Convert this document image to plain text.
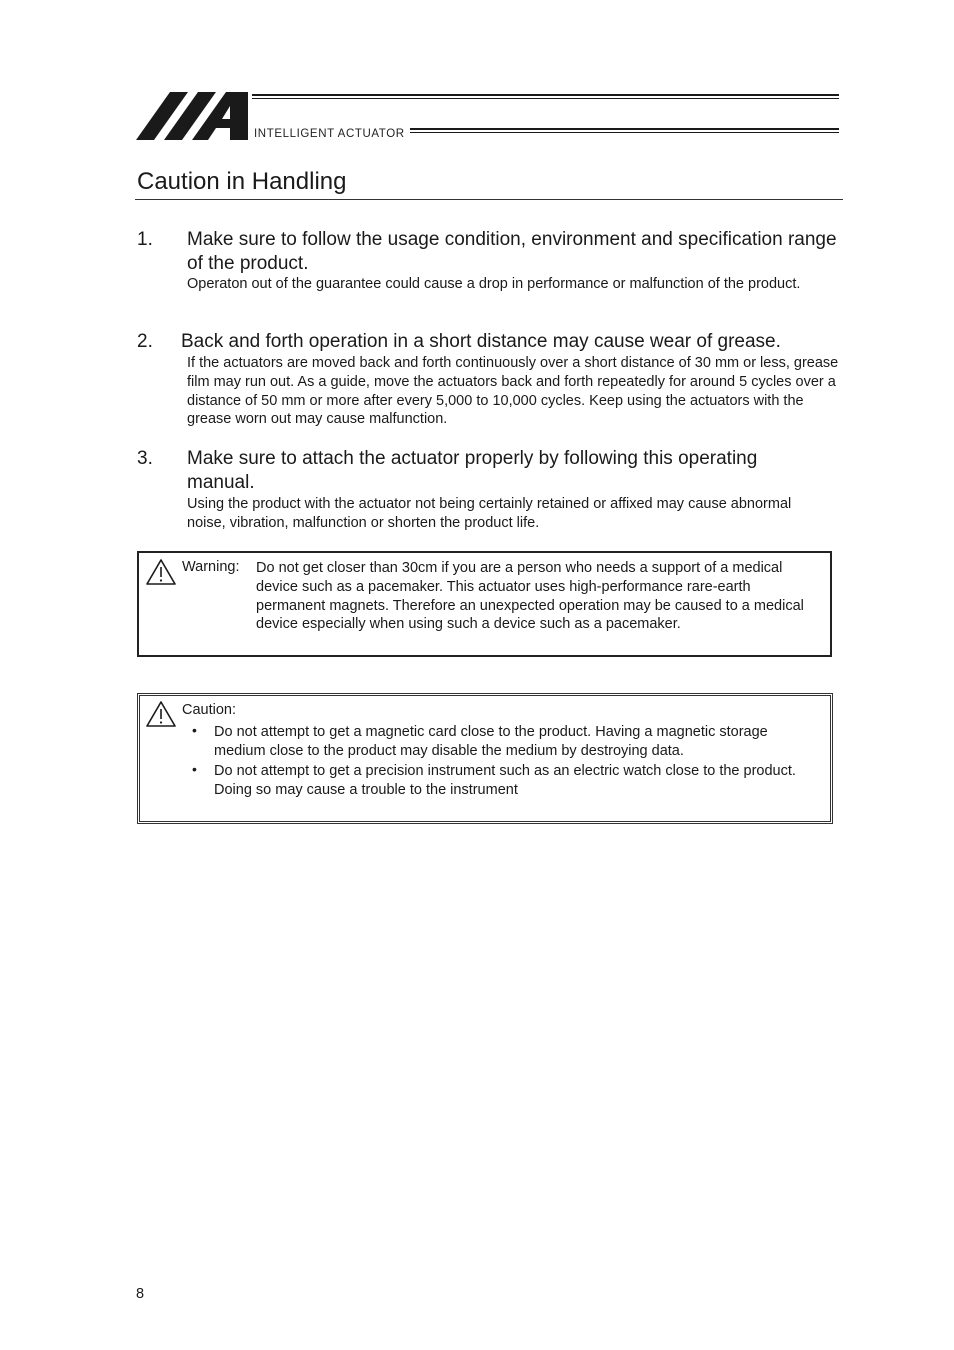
INTELLIGENT ACTUATOR
Caution in Handling
1. Make sure to follow the usage condition, environment and specification range of the product.
Operaton out of the guarantee could cause a drop in performance or malfunction of the product.
2. Back and forth operation in a short distance may cause wear of grease.
If the actuators are moved back and forth continuously over a short distance of 30 mm or less, grease film may run out. As a guide, move the actuators back and forth repeatedly for around 5 cycles over a distance of 50 mm or more after every 5,000 to 10,000 cycles. Keep using the actuators with the grease worn out may cause malfunction.
3. Make sure to attach the actuator properly by following this operating manual.
Using the product with the actuator not being certainly retained or affixed may cause abnormal noise, vibration, malfunction or shorten the product life.
Warning: Do not get closer than 30cm if you are a person who needs a support of a medical device such as a pacemaker. This actuator uses high-performance rare-earth permanent magnets. Therefore an unexpected operation may be caused to a medical device especially when using such a device such as a pacemaker.
Caution:
• Do not attempt to get a magnetic card close to the product. Having a magnetic storage medium close to the product may disable the medium by destroying data.
• Do not attempt to get a precision instrument such as an electric watch close to the product. Doing so may cause a trouble to the instrument
8
